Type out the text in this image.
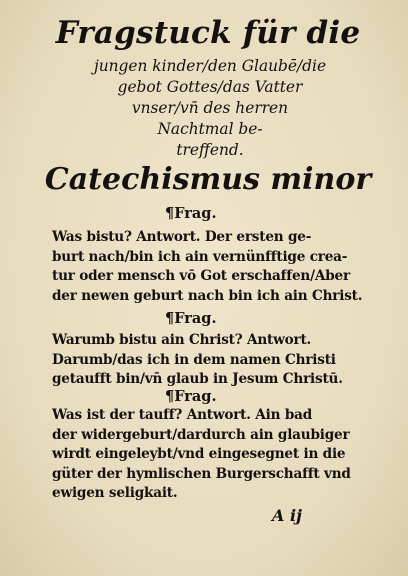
Fragstuck für die
jungen kinder/den Glaubē/die
gebot Gottes/das Vatter
vnser/vn̄ des herren
Nachtmal be-
treffend.
Catechismus minor
¶Frag.
Was bistu? Antwort. Der ersten ge-
burt nach/bin ich ain vernünfftige crea-
tur oder mensch vō Got erschaffen/Aber
der newen geburt nach bin ich ain Christ.
¶Frag.
Warumb bistu ain Christ? Antwort.
Darumb/das ich in dem namen Christi
getaufft bin/vn̄ glaub in Jesum Christū.
¶Frag.
Was ist der tauff? Antwort. Ain bad
der widergeburt/dardurch ain glaubiger
wirdt eingeleybt/vnd eingesegnet in die
güter der hymlischen Burgerschafft vnd
ewigen seligkait.
A ij
